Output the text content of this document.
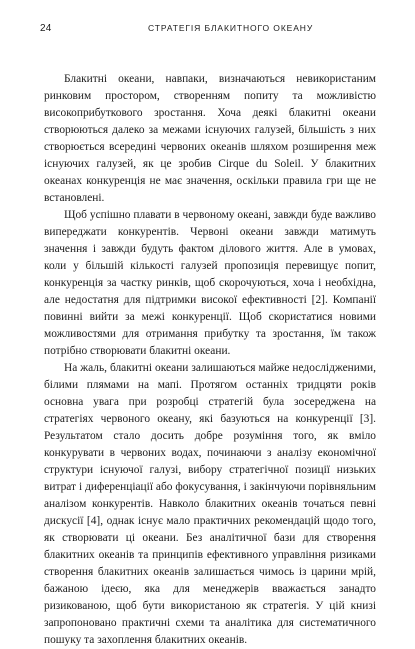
24	СТРАТЕГІЯ БЛАКИТНОГО ОКЕАНУ

Блакитні океани, навпаки, визначаються невикористаним ринковим простором, створенням попиту та можливістю високоприбуткового зростання. Хоча деякі блакитні океани створюються далеко за межами існуючих галузей, більшість з них створюється всередині червоних океанів шляхом розширення меж існуючих галузей, як це зробив Cirque du Soleil. У блакитних океанах конкуренція не має значення, оскільки правила гри ще не встановлені.

Щоб успішно плавати в червоному океані, завжди буде важливо випереджати конкурентів. Червоні океани завжди матимуть значення і завжди будуть фактом ділового життя. Але в умовах, коли у більшій кількості галузей пропозиція перевищує попит, конкуренція за частку ринків, щоб скорочуються, хоча і необхідна, але недостатня для підтримки високої ефективності [2]. Компанії повинні вийти за межі конкуренції. Щоб скористатися новими можливостями для отримання прибутку та зростання, їм також потрібно створювати блакитні океани.

На жаль, блакитні океани залишаються майже недослідженими, білими плямами на мапі. Протягом останніх тридцяти років основна увага при розробці стратегій була зосереджена на стратегіях червоного океану, які базуються на конкуренції [3]. Результатом стало досить добре розуміння того, як вміло конкурувати в червоних водах, починаючи з аналізу економічної структури існуючої галузі, вибору стратегічної позиції низьких витрат і диференціації або фокусування, і закінчуючи порівняльним аналізом конкурентів. Навколо блакитних океанів точаться певні дискусії [4], однак існує мало практичних рекомендацій щодо того, як створювати ці океани. Без аналітичної бази для створення блакитних океанів та принципів ефективного управління ризиками створення блакитних океанів залишається чимось із царини мрій, бажаною ідеєю, яка для менеджерів вважається занадто ризикованою, щоб бути використаною як стратегія. У цій книзі запропоновано практичні схеми та аналітика для систематичного пошуку та захоплення блакитних океанів.
